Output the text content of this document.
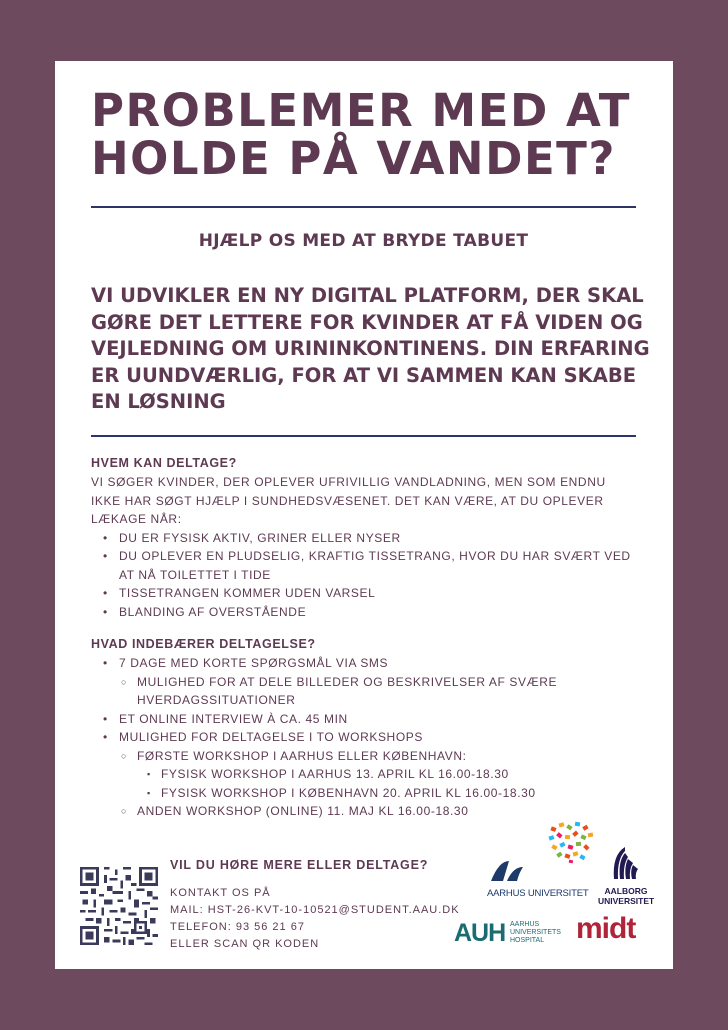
PROBLEMER MED AT
HOLDE PÅ VANDET?
HJÆLP OS MED AT BRYDE TABUET
VI UDVIKLER EN NY DIGITAL PLATFORM, DER SKAL
GØRE DET LETTERE FOR KVINDER AT FÅ VIDEN OG
VEJLEDNING OM URININKONTINENS. DIN ERFARING
ER UUNDVÆRLIG, FOR AT VI SAMMEN KAN SKABE
EN LØSNING
HVEM KAN DELTAGE?
VI SØGER KVINDER, DER OPLEVER UFRIVILLIG VANDLADNING, MEN SOM ENDNU
IKKE HAR SØGT HJÆLP I SUNDHEDSVÆSENET. DET KAN VÆRE, AT DU OPLEVER
LÆKAGE NÅR:
• DU ER FYSISK AKTIV, GRINER ELLER NYSER
• DU OPLEVER EN PLUDSELIG, KRAFTIG TISSETRANG, HVOR DU HAR SVÆRT VED
AT NÅ TOILETTET I TIDE
• TISSETRANGEN KOMMER UDEN VARSEL
• BLANDING AF OVERSTÅENDE
HVAD INDEBÆRER DELTAGELSE?
• 7 DAGE MED KORTE SPØRGSMÅL VIA SMS
○ MULIGHED FOR AT DELE BILLEDER OG BESKRIVELSER AF SVÆRE
HVERDAGSSITUATIONER
• ET ONLINE INTERVIEW À CA. 45 MIN
• MULIGHED FOR DELTAGELSE I TO WORKSHOPS
○ FØRSTE WORKSHOP I AARHUS ELLER KØBENHAVN:
▪ FYSISK WORKSHOP I AARHUS 13. APRIL KL 16.00-18.30
▪ FYSISK WORKSHOP I KØBENHAVN 20. APRIL KL 16.00-18.30
○ ANDEN WORKSHOP (ONLINE) 11. MAJ KL 16.00-18.30
VIL DU HØRE MERE ELLER DELTAGE?
KONTAKT OS PÅ
MAIL: HST-26-KVT-10-10521@STUDENT.AAU.DK
TELEFON: 93 56 21 67
ELLER SCAN QR KODEN
AARHUS UNIVERSITET	AALBORG
UNIVERSITET
AUH AARHUS
UNIVERSITETS
HOSPITAL	midt
